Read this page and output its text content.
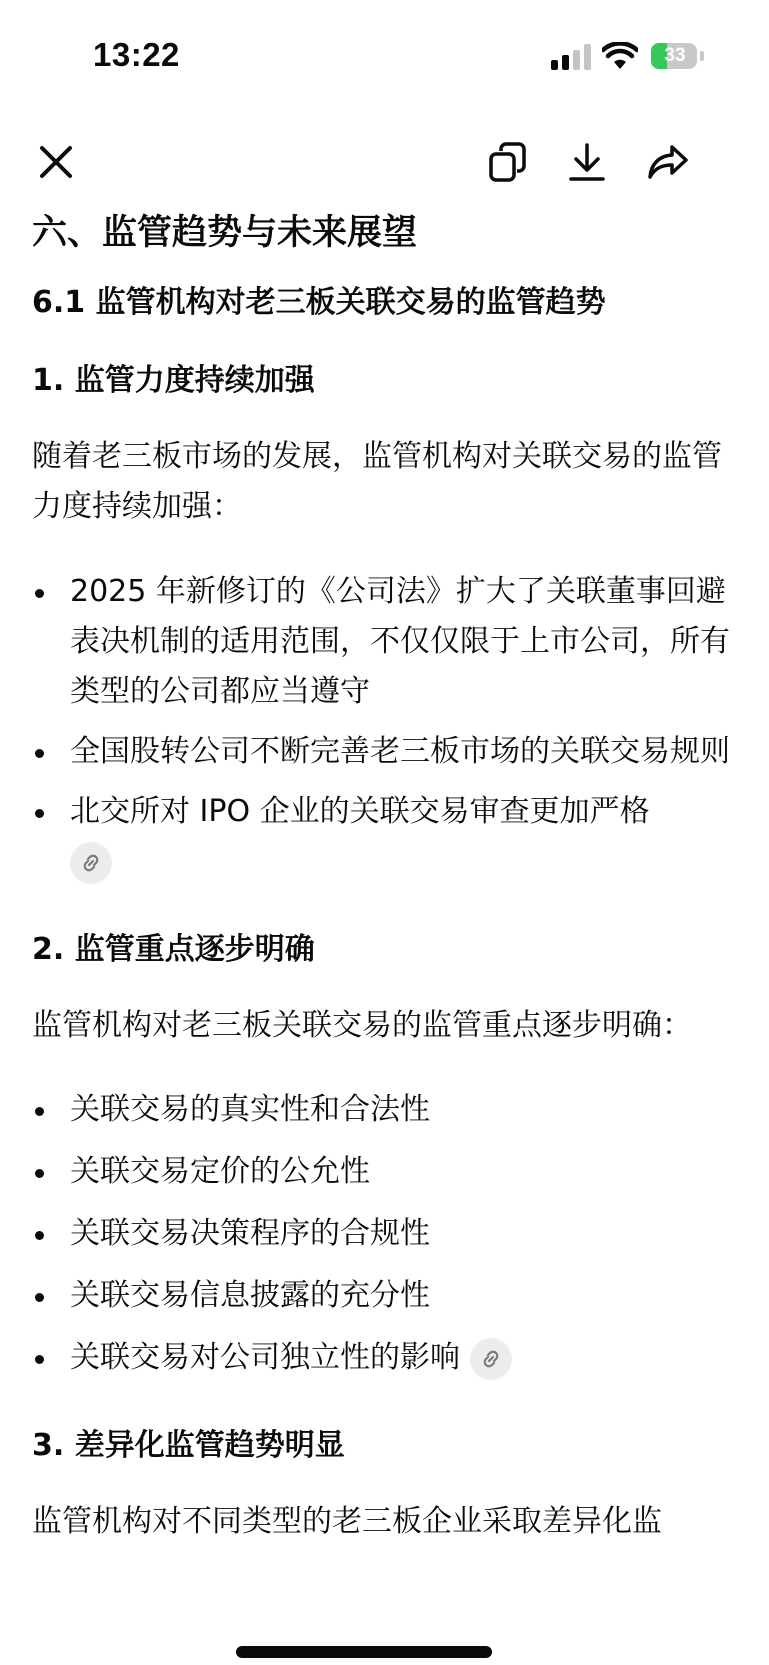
13:22	33
六、监管趋势与未来展望
6.1 监管机构对老三板关联交易的监管趋势
1. 监管力度持续加强

随着老三板市场的发展，监管机构对关联交易的监管力度持续加强：

2025 年新修订的《公司法》扩大了关联董事回避表决机制的适用范围，不仅仅限于上市公司，所有类型的公司都应当遵守
全国股转公司不断完善老三板市场的关联交易规则
北交所对 IPO 企业的关联交易审查更加严格

2. 监管重点逐步明确

监管机构对老三板关联交易的监管重点逐步明确：

关联交易的真实性和合法性
关联交易定价的公允性
关联交易决策程序的合规性
关联交易信息披露的充分性
关联交易对公司独立性的影响
3. 差异化监管趋势明显

监管机构对不同类型的老三板企业采取差异化监
